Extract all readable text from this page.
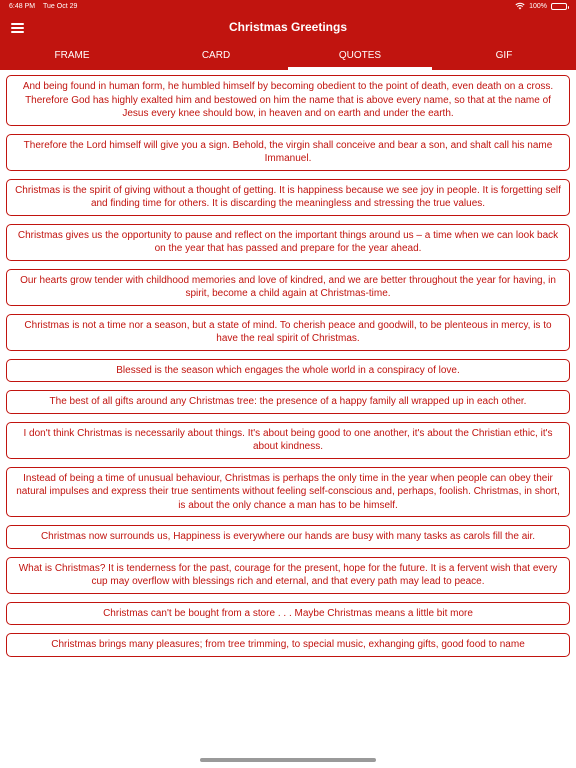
6:48 PM Tue Oct 29	100%
Christmas Greetings
FRAME	CARD	QUOTES	GIF
And being found in human form, he humbled himself by becoming obedient to the point of death, even death on a cross. Therefore God has highly exalted him and bestowed on him the name that is above every name, so that at the name of Jesus every knee should bow, in heaven and on earth and under the earth.
Therefore the Lord himself will give you a sign. Behold, the virgin shall conceive and bear a son, and shalt call his name Immanuel.
Christmas is the spirit of giving without a thought of getting. It is happiness because we see joy in people. It is forgetting self and finding time for others. It is discarding the meaningless and stressing the true values.
Christmas gives us the opportunity to pause and reflect on the important things around us – a time when we can look back on the year that has passed and prepare for the year ahead.
Our hearts grow tender with childhood memories and love of kindred, and we are better throughout the year for having, in spirit, become a child again at Christmas-time.
Christmas is not a time nor a season, but a state of mind. To cherish peace and goodwill, to be plenteous in mercy, is to have the real spirit of Christmas.
Blessed is the season which engages the whole world in a conspiracy of love.
The best of all gifts around any Christmas tree: the presence of a happy family all wrapped up in each other.
I don't think Christmas is necessarily about things. It's about being good to one another, it's about the Christian ethic, it's about kindness.
Instead of being a time of unusual behaviour, Christmas is perhaps the only time in the year when people can obey their natural impulses and express their true sentiments without feeling self-conscious and, perhaps, foolish. Christmas, in short, is about the only chance a man has to be himself.
Christmas now surrounds us, Happiness is everywhere our hands are busy with many tasks as carols fill the air.
What is Christmas? It is tenderness for the past, courage for the present, hope for the future. It is a fervent wish that every cup may overflow with blessings rich and eternal, and that every path may lead to peace.
Christmas can't be bought from a store . . . Maybe Christmas means a little bit more
Christmas brings many pleasures; from tree trimming, to special music, exhanging gifts, good food to name
